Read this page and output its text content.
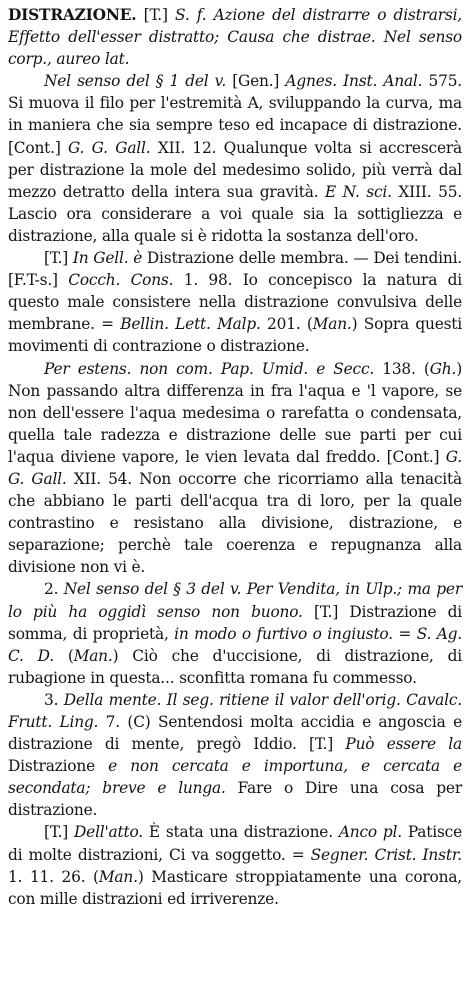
DISTRAZIONE. [T.] S. f. Azione del distrarre o distrarsi, Effetto dell'esser distratto; Causa che distrae. Nel senso corp., aureo lat.

Nel senso del § 1 del v. [Gen.] Agnes. Inst. Anal. 575. Si muova il filo per l'estremità A, sviluppando la curva, ma in maniera che sia sempre teso ed incapace di distrazione. [Cont.] G. G. Gall. XII. 12. Qualunque volta si accrescerà per distrazione la mole del medesimo solido, più verrà dal mezzo detratto della intera sua gravità. E N. sci. XIII. 55. Lascio ora considerare a voi quale sia la sottigliezza e distrazione, alla quale si è ridotta la sostanza dell'oro.

[T.] In Gell. è Distrazione delle membra. — Dei tendini. [F.T-s.] Cocch. Cons. 1. 98. Io concepisco la natura di questo male consistere nella distrazione convulsiva delle membrane. = Bellin. Lett. Malp. 201. (Man.) Sopra questi movimenti di contrazione o distrazione.

Per estens. non com. Pap. Umid. e Secc. 138. (Gh.) Non passando altra differenza in fra l'aqua e 'l vapore, se non dell'essere l'aqua medesima o rarefatta o condensata, quella tale radezza e distrazione delle sue parti per cui l'aqua diviene vapore, le vien levata dal freddo. [Cont.] G. G. Gall. XII. 54. Non occorre che ricorriamo alla tenacità che abbiano le parti dell'acqua tra di loro, per la quale contrastino e resistano alla divisione, distrazione, e separazione; perchè tale coerenza e repugnanza alla divisione non vi è.

2. Nel senso del § 3 del v. Per Vendita, in Ulp.; ma per lo più ha oggidì senso non buono. [T.] Distrazione di somma, di proprietà, in modo o furtivo o ingiusto. = S. Ag. C. D. (Man.) Ciò che d'uccisione, di distrazione, di rubagione in questa... sconfitta romana fu commesso.

3. Della mente. Il seg. ritiene il valor dell'orig. Cavalc. Frutt. Ling. 7. (C) Sentendosi molta accidia e angoscia e distrazione di mente, pregò Iddio. [T.] Può essere la Distrazione e non cercata e importuna, e cercata e secondata; breve e lunga. Fare o Dire una cosa per distrazione.

[T.] Dell'atto. È stata una distrazione. Anco pl. Patisce di molte distrazioni, Ci va soggetto. = Segner. Crist. Instr. 1. 11. 26. (Man.) Masticare stroppiatamente una corona, con mille distrazioni ed irriverenze.
